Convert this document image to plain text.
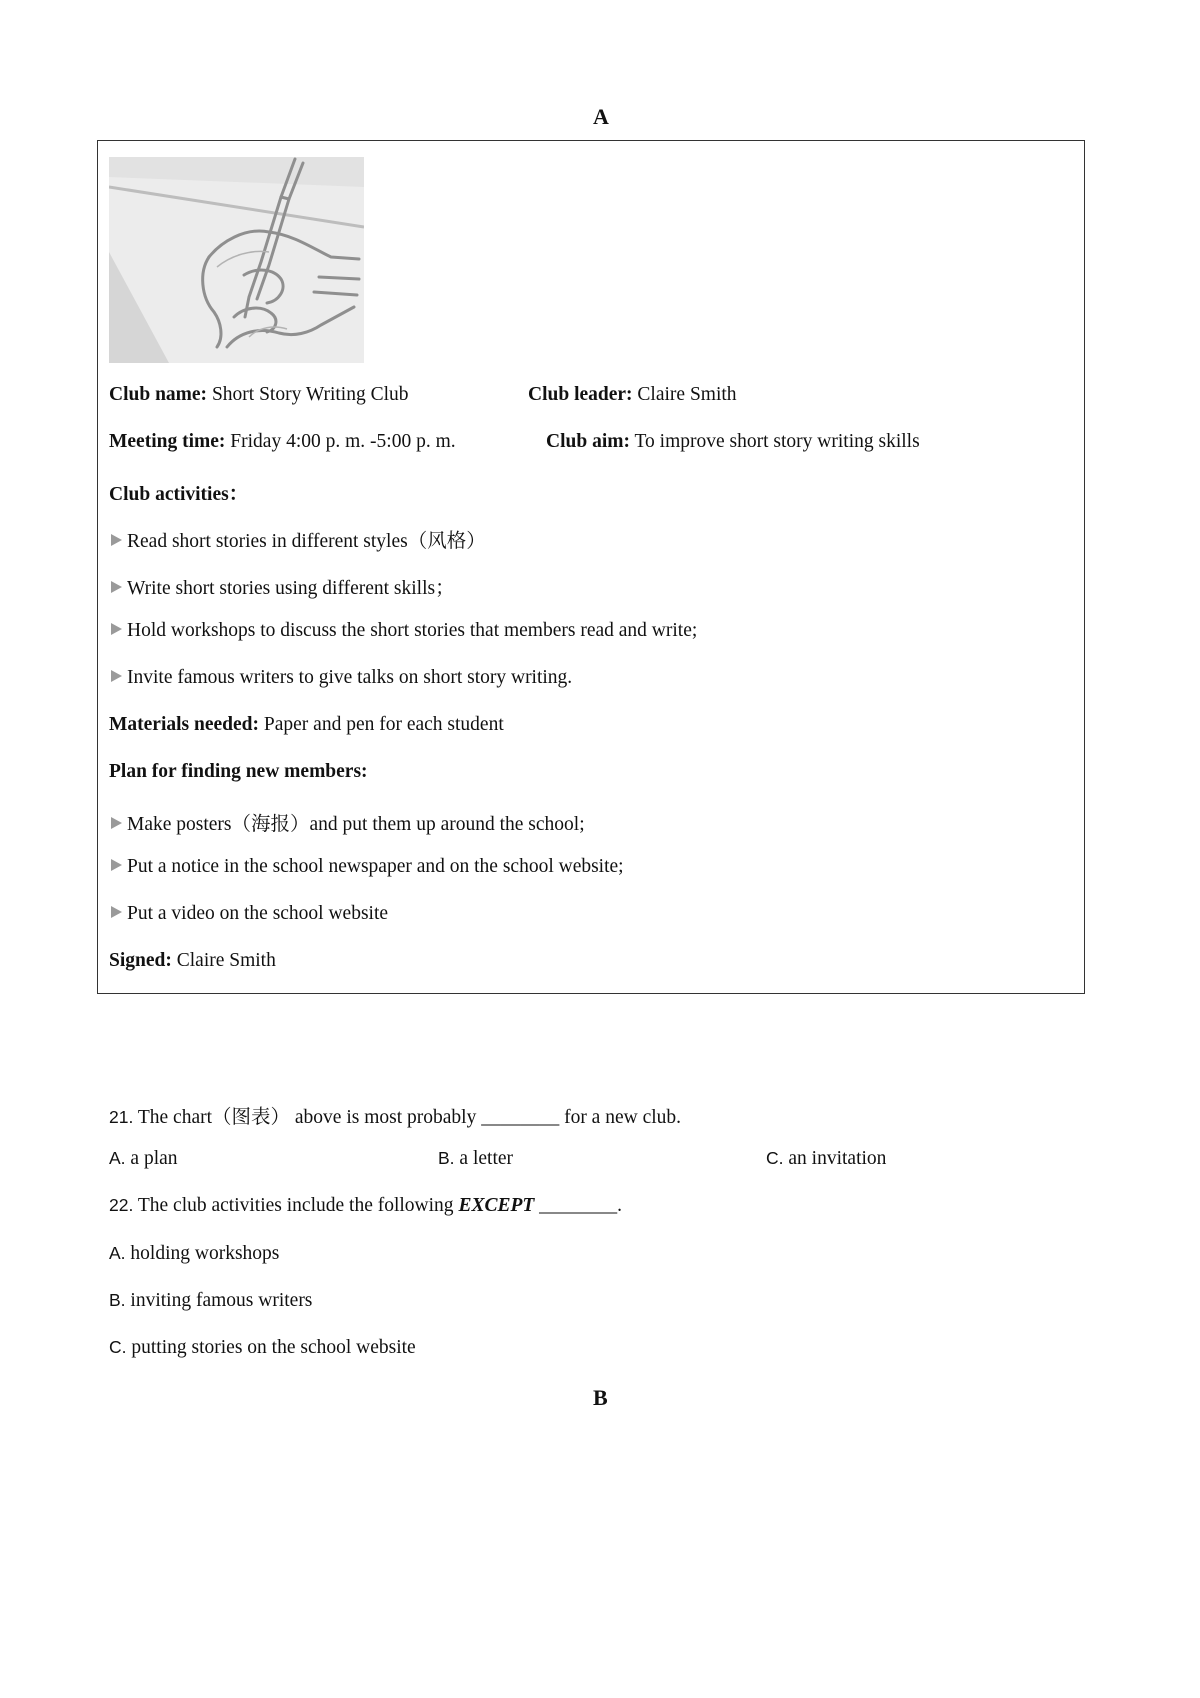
A
Club name: Short Story Writing Club	Club leader: Claire Smith
Meeting time: Friday 4:00 p. m. -5:00 p. m.	Club aim: To improve short story writing skills
Club activities：
Read short stories in different styles（风格）
Write short stories using different skills；
Hold workshops to discuss the short stories that members read and write;
Invite famous writers to give talks on short story writing.
Materials needed: Paper and pen for each student
Plan for finding new members:
Make posters（海报）and put them up around the school;
Put a notice in the school newspaper and on the school website;
Put a video on the school website
Signed: Claire Smith
21. The chart（图表） above is most probably ________ for a new club.
A. a plan	B. a letter	C. an invitation
22. The club activities include the following EXCEPT ________.
A. holding workshops
B. inviting famous writers
C. putting stories on the school website
B
